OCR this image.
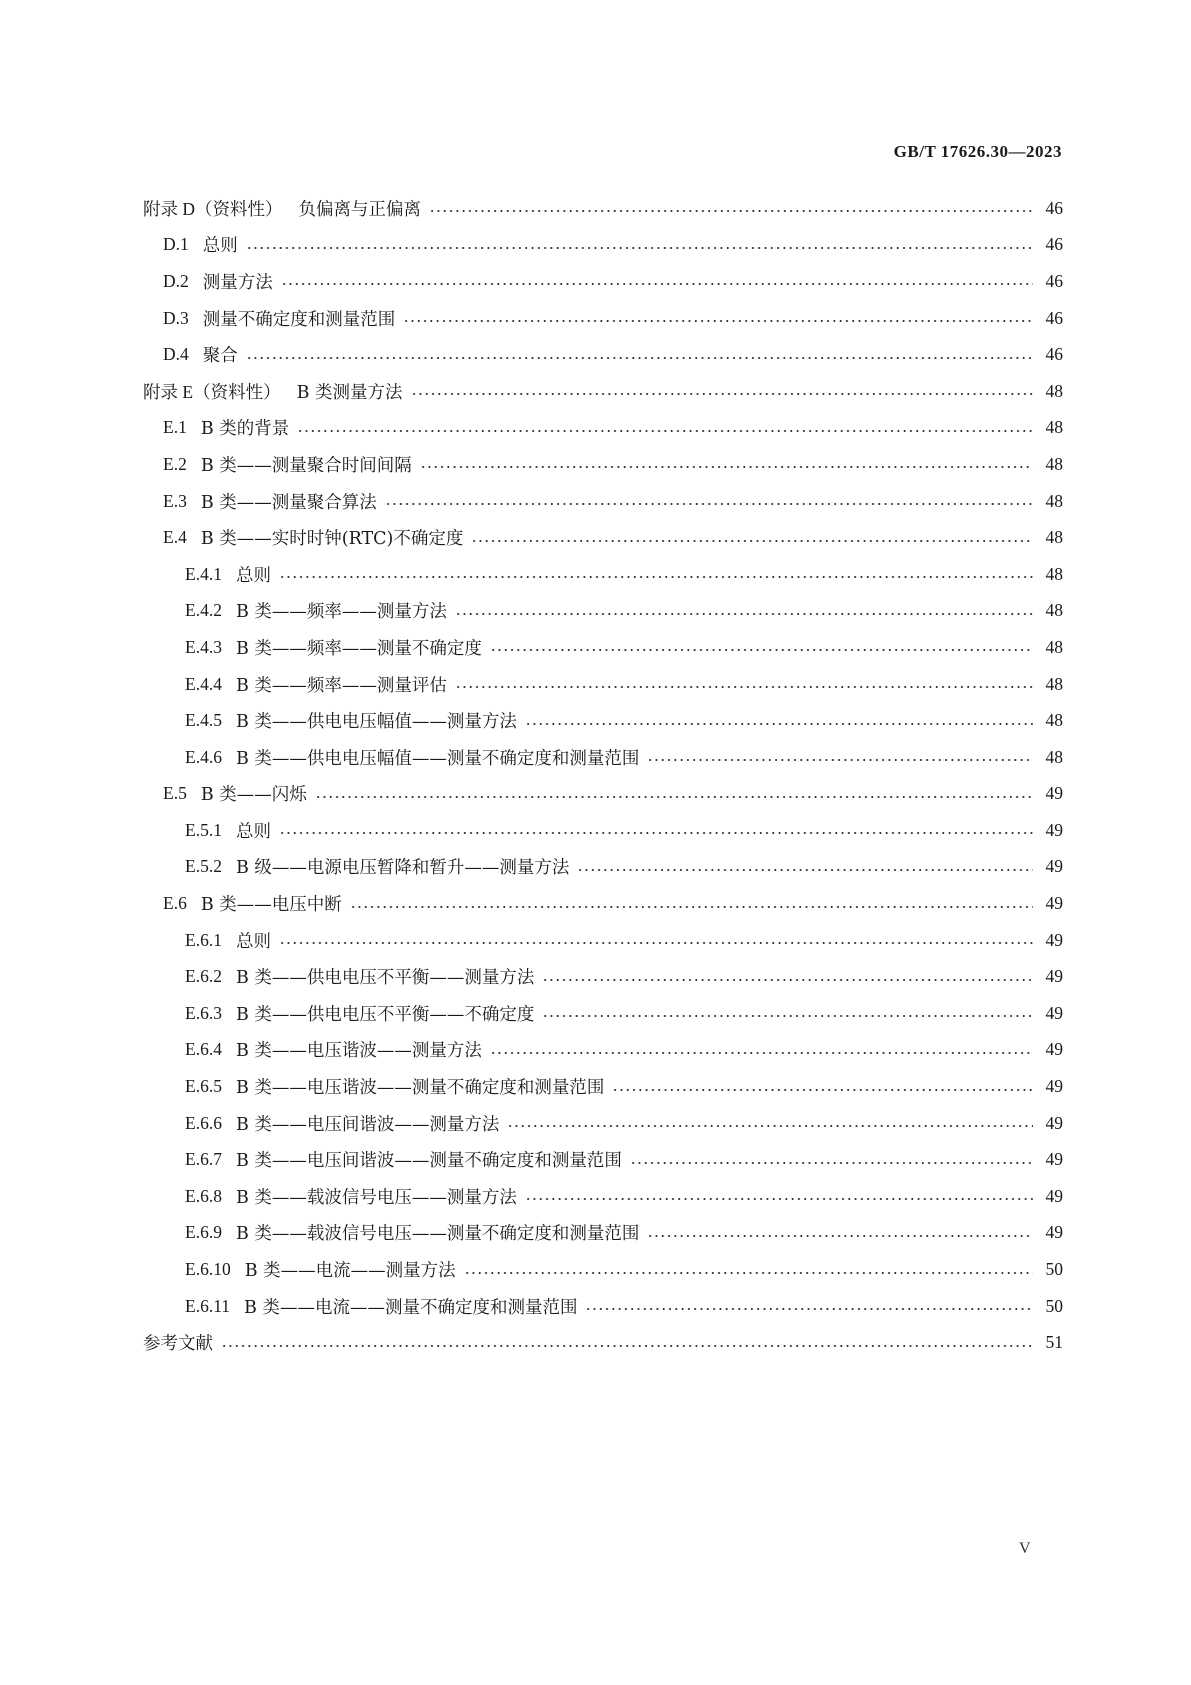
GB/T 17626.30—2023
附录 D（资料性） 负偏离与正偏离	46
D.1 总则	46
D.2 测量方法	46
D.3 测量不确定度和测量范围	46
D.4 聚合	46
附录 E（资料性） B 类测量方法	48
E.1 B 类的背景	48
E.2 B 类——测量聚合时间间隔	48
E.3 B 类——测量聚合算法	48
E.4 B 类——实时时钟(RTC)不确定度	48
E.4.1 总则	48
E.4.2 B 类——频率——测量方法	48
E.4.3 B 类——频率——测量不确定度	48
E.4.4 B 类——频率——测量评估	48
E.4.5 B 类——供电电压幅值——测量方法	48
E.4.6 B 类——供电电压幅值——测量不确定度和测量范围	48
E.5 B 类——闪烁	49
E.5.1 总则	49
E.5.2 B 级——电源电压暂降和暂升——测量方法	49
E.6 B 类——电压中断	49
E.6.1 总则	49
E.6.2 B 类——供电电压不平衡——测量方法	49
E.6.3 B 类——供电电压不平衡——不确定度	49
E.6.4 B 类——电压谐波——测量方法	49
E.6.5 B 类——电压谐波——测量不确定度和测量范围	49
E.6.6 B 类——电压间谐波——测量方法	49
E.6.7 B 类——电压间谐波——测量不确定度和测量范围	49
E.6.8 B 类——载波信号电压——测量方法	49
E.6.9 B 类——载波信号电压——测量不确定度和测量范围	49
E.6.10 B 类——电流——测量方法	50
E.6.11 B 类——电流——测量不确定度和测量范围	50
参考文献	51
V
